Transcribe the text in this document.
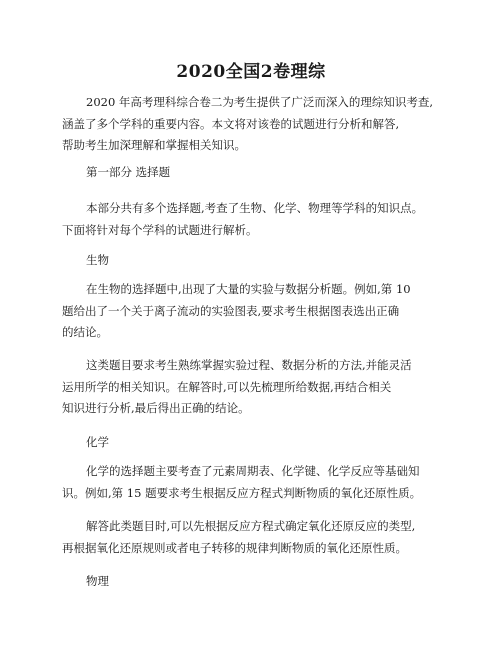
2020全国2卷理综
2020 年高考理科综合卷二为考生提供了广泛而深入的理综知识考查,
涵盖了多个学科的重要内容。本文将对该卷的试题进行分析和解答,
帮助考生加深理解和掌握相关知识。
第一部分 选择题
本部分共有多个选择题,考查了生物、化学、物理等学科的知识点。
下面将针对每个学科的试题进行解析。
生物
在生物的选择题中,出现了大量的实验与数据分析题。例如,第 10
题给出了一个关于离子流动的实验图表,要求考生根据图表选出正确
的结论。
这类题目要求考生熟练掌握实验过程、数据分析的方法,并能灵活
运用所学的相关知识。在解答时,可以先梳理所给数据,再结合相关
知识进行分析,最后得出正确的结论。
化学
化学的选择题主要考查了元素周期表、化学键、化学反应等基础知
识。例如,第 15 题要求考生根据反应方程式判断物质的氧化还原性质。
解答此类题目时,可以先根据反应方程式确定氧化还原反应的类型,
再根据氧化还原规则或者电子转移的规律判断物质的氧化还原性质。
物理
